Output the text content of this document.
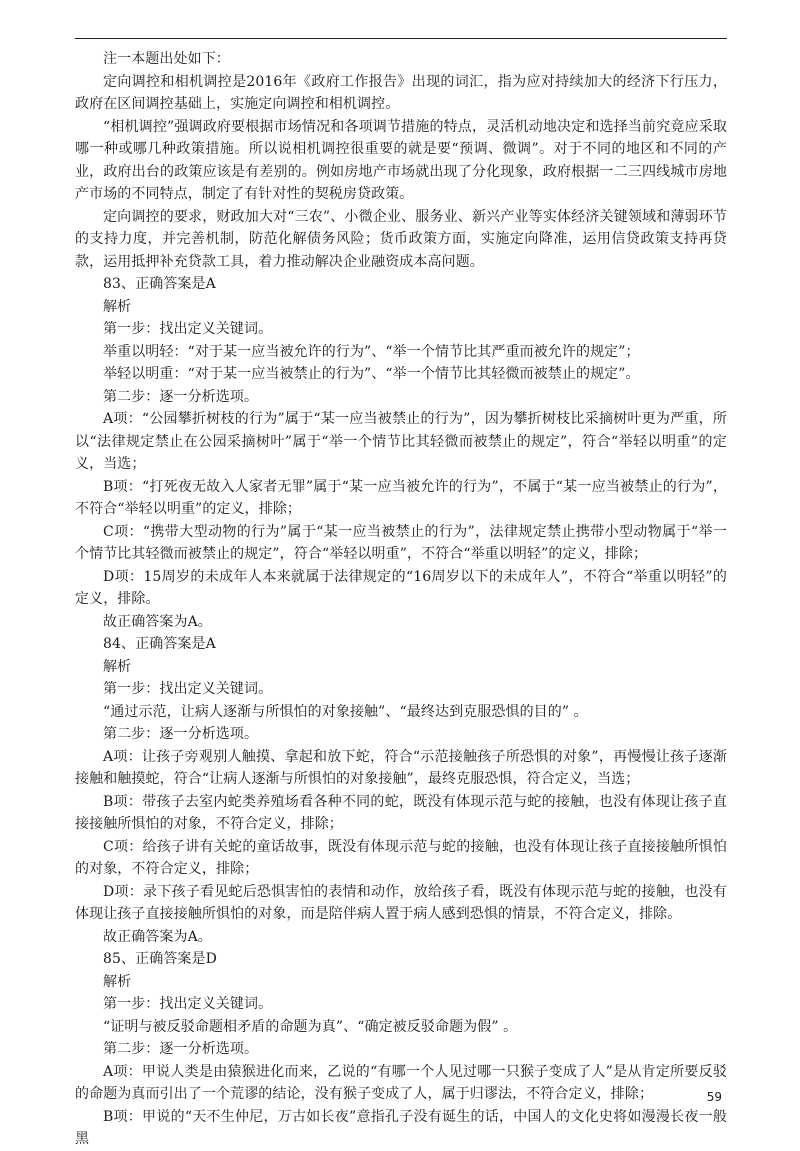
注一本题出处如下：

定向调控和相机调控是2016年《政府工作报告》出现的词汇，指为应对持续加大的经济下行压力，政府在区间调控基础上，实施定向调控和相机调控。

“相机调控”强调政府要根据市场情况和各项调节措施的特点，灵活机动地决定和选择当前究竟应采取哪一种或哪几种政策措施。所以说相机调控很重要的就是要“预调、微调”。对于不同的地区和不同的产业，政府出台的政策应该是有差别的。例如房地产市场就出现了分化现象，政府根据一二三四线城市房地产市场的不同特点，制定了有针对性的契税房贷政策。

定向调控的要求，财政加大对“三农”、小微企业、服务业、新兴产业等实体经济关键领域和薄弱环节的支持力度，并完善机制，防范化解债务风险；货币政策方面，实施定向降准，运用信贷政策支持再贷款，运用抵押补充贷款工具，着力推动解决企业融资成本高问题。

83、正确答案是A

解析

第一步：找出定义关键词。

举重以明轻：“对于某一应当被允许的行为”、“举一个情节比其严重而被允许的规定”；

举轻以明重：“对于某一应当被禁止的行为”、“举一个情节比其轻微而被禁止的规定”。

第二步：逐一分析选项。

A项：“公园攀折树枝的行为”属于“某一应当被禁止的行为”，因为攀折树枝比采摘树叶更为严重，所以“法律规定禁止在公园采摘树叶”属于“举一个情节比其轻微而被禁止的规定”，符合“举轻以明重”的定义，当选；

B项：“打死夜无故入人家者无罪”属于“某一应当被允许的行为”，不属于“某一应当被禁止的行为”，不符合“举轻以明重”的定义，排除；

C项：“携带大型动物的行为”属于“某一应当被禁止的行为”，法律规定禁止携带小型动物属于“举一个情节比其轻微而被禁止的规定”，符合“举轻以明重”，不符合“举重以明轻”的定义，排除；

D项：15周岁的未成年人本来就属于法律规定的“16周岁以下的未成年人”，不符合“举重以明轻”的定义，排除。

故正确答案为A。

84、正确答案是A

解析

第一步：找出定义关键词。

“通过示范，让病人逐渐与所惧怕的对象接触”、“最终达到克服恐惧的目的” 。

第二步：逐一分析选项。

A项：让孩子旁观别人触摸、拿起和放下蛇，符合“示范接触孩子所恐惧的对象”，再慢慢让孩子逐渐接触和触摸蛇，符合“让病人逐渐与所惧怕的对象接触”，最终克服恐惧，符合定义，当选；

B项：带孩子去室内蛇类养殖场看各种不同的蛇，既没有体现示范与蛇的接触，也没有体现让孩子直接接触所惧怕的对象，不符合定义，排除；

C项：给孩子讲有关蛇的童话故事，既没有体现示范与蛇的接触，也没有体现让孩子直接接触所惧怕的对象，不符合定义，排除；

D项：录下孩子看见蛇后恐惧害怕的表情和动作，放给孩子看，既没有体现示范与蛇的接触，也没有体现让孩子直接接触所惧怕的对象，而是陪伴病人置于病人感到恐惧的情景，不符合定义，排除。

故正确答案为A。

85、正确答案是D

解析

第一步：找出定义关键词。

“证明与被反驳命题相矛盾的命题为真”、“确定被反驳命题为假” 。

第二步：逐一分析选项。

A项：甲说人类是由猿猴进化而来，乙说的“有哪一个人见过哪一只猴子变成了人”是从肯定所要反驳的命题为真而引出了一个荒谬的结论，没有猴子变成了人，属于归谬法，不符合定义，排除；

B项：甲说的“天不生仲尼，万古如长夜”意指孔子没有诞生的话，中国人的文化史将如漫漫长夜一般黑

59
